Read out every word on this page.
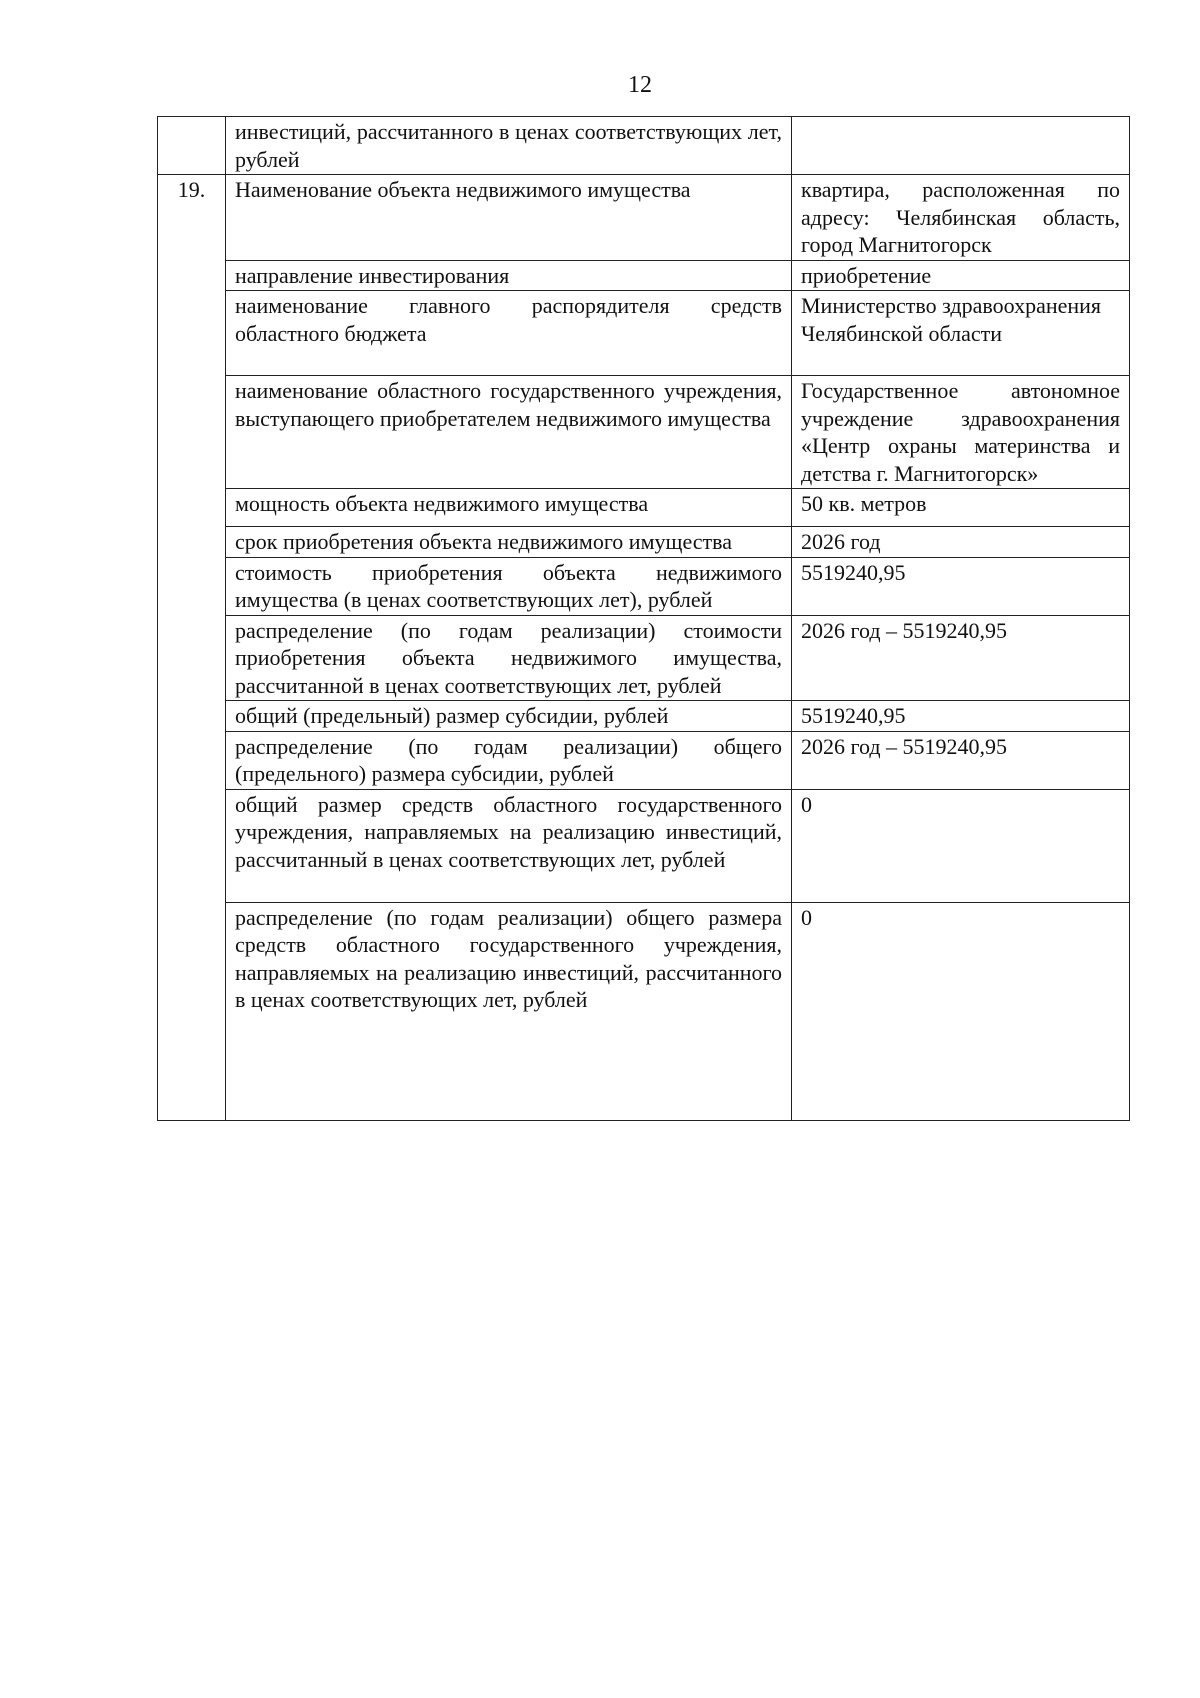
12
	инвестиций, рассчитанного в ценах соответствующих лет, рублей	
19.	Наименование объекта недвижимого имущества	квартира, расположенная по адресу: Челябинская область, город Магнитогорск
	направление инвестирования	приобретение
	наименование главного распорядителя средств областного бюджета	Министерство здравоохранения Челябинской области
	наименование областного государственного учреждения, выступающего приобретателем недвижимого имущества	Государственное автономное учреждение здравоохранения «Центр охраны материнства и детства г. Магнитогорск»
	мощность объекта недвижимого имущества	50 кв. метров
	срок приобретения объекта недвижимого имущества	2026 год
	стоимость приобретения объекта недвижимого имущества (в ценах соответствующих лет), рублей	5519240,95
	распределение (по годам реализации) стоимости приобретения объекта недвижимого имущества, рассчитанной в ценах соответствующих лет, рублей	2026 год – 5519240,95
	общий (предельный) размер субсидии, рублей	5519240,95
	распределение (по годам реализации) общего (предельного) размера субсидии, рублей	2026 год – 5519240,95
	общий размер средств областного государственного учреждения, направляемых на реализацию инвестиций, рассчитанный в ценах соответствующих лет, рублей	0
	распределение (по годам реализации) общего размера средств областного государственного учреждения, направляемых на реализацию инвестиций, рассчитанного в ценах соответствующих лет, рублей	0
